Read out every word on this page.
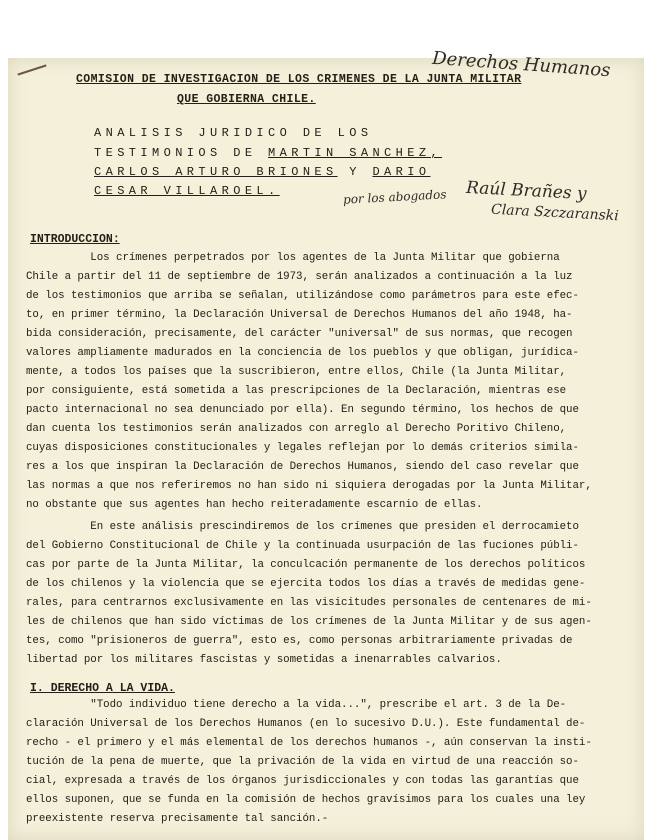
Derechos Humanos
COMISION DE INVESTIGACION DE LOS CRIMENES DE LA JUNTA MILITAR
QUE GOBIERNA CHILE.
ANALISIS JURIDICO DE LOS
TESTIMONIOS DE MARTIN SANCHEZ,
CARLOS ARTURO BRIONES Y DARIO
CESAR VILLAROEL.	por los abogados Raúl Brañes y
Clara Szczaranski
INTRODUCCION:
Los crímenes perpetrados por los agentes de la Junta Militar que gobierna
Chile a partir del 11 de septiembre de 1973, serán analizados a continuación a la luz
de los testimonios que arriba se señalan, utilizándose como parámetros para este efec-
to, en primer término, la Declaración Universal de Derechos Humanos del año 1948, ha-
bida consideración, precisamente, del carácter "universal" de sus normas, que recogen
valores ampliamente madurados en la conciencia de los pueblos y que obligan, jurídica-
mente, a todos los países que la suscribieron, entre ellos, Chile (la Junta Militar,
por consiguiente, está sometida a las prescripciones de la Declaración, mientras ese
pacto internacional no sea denunciado por ella). En segundo término, los hechos de que
dan cuenta los testimonios serán analizados con arreglo al Derecho Poritivo Chileno,
cuyas disposiciones constitucionales y legales reflejan por lo demás criterios simila-
res a los que inspiran la Declaración de Derechos Humanos, siendo del caso revelar que
las normas a que nos referiremos no han sido ni siquiera derogadas por la Junta Militar,
no obstante que sus agentes han hecho reiteradamente escarnio de ellas.
En este análisis prescindiremos de los crímenes que presiden el derrocamieto
del Gobierno Constitucional de Chile y la continuada usurpación de las fuciones públi-
cas por parte de la Junta Militar, la conculcación permanente de los derechos políticos
de los chilenos y la violencia que se ejercita todos los días a través de medidas gene-
rales, para centrarnos exclusivamente en las visicitudes personales de centenares de mi-
les de chilenos que han sido víctimas de los crímenes de la Junta Militar y de sus agen-
tes, como "prisioneros de guerra", esto es, como personas arbitrariamente privadas de
libertad por los militares fascistas y sometidas a inenarrables calvarios.
I. DERECHO A LA VIDA.
"Todo individuo tiene derecho a la vida...", prescribe el art. 3 de la De-
claración Universal de los Derechos Humanos (en lo sucesivo D.U.). Este fundamental de-
recho - el primero y el más elemental de los derechos humanos -, aún conservan la insti-
tución de la pena de muerte, que la privación de la vida en virtud de una reacción so-
cial, expresada a través de los órganos jurisdiccionales y con todas las garantías que
ellos suponen, que se funda en la comisión de hechos gravísimos para los cuales una ley
preexistente reserva precisamente tal sanción.-
